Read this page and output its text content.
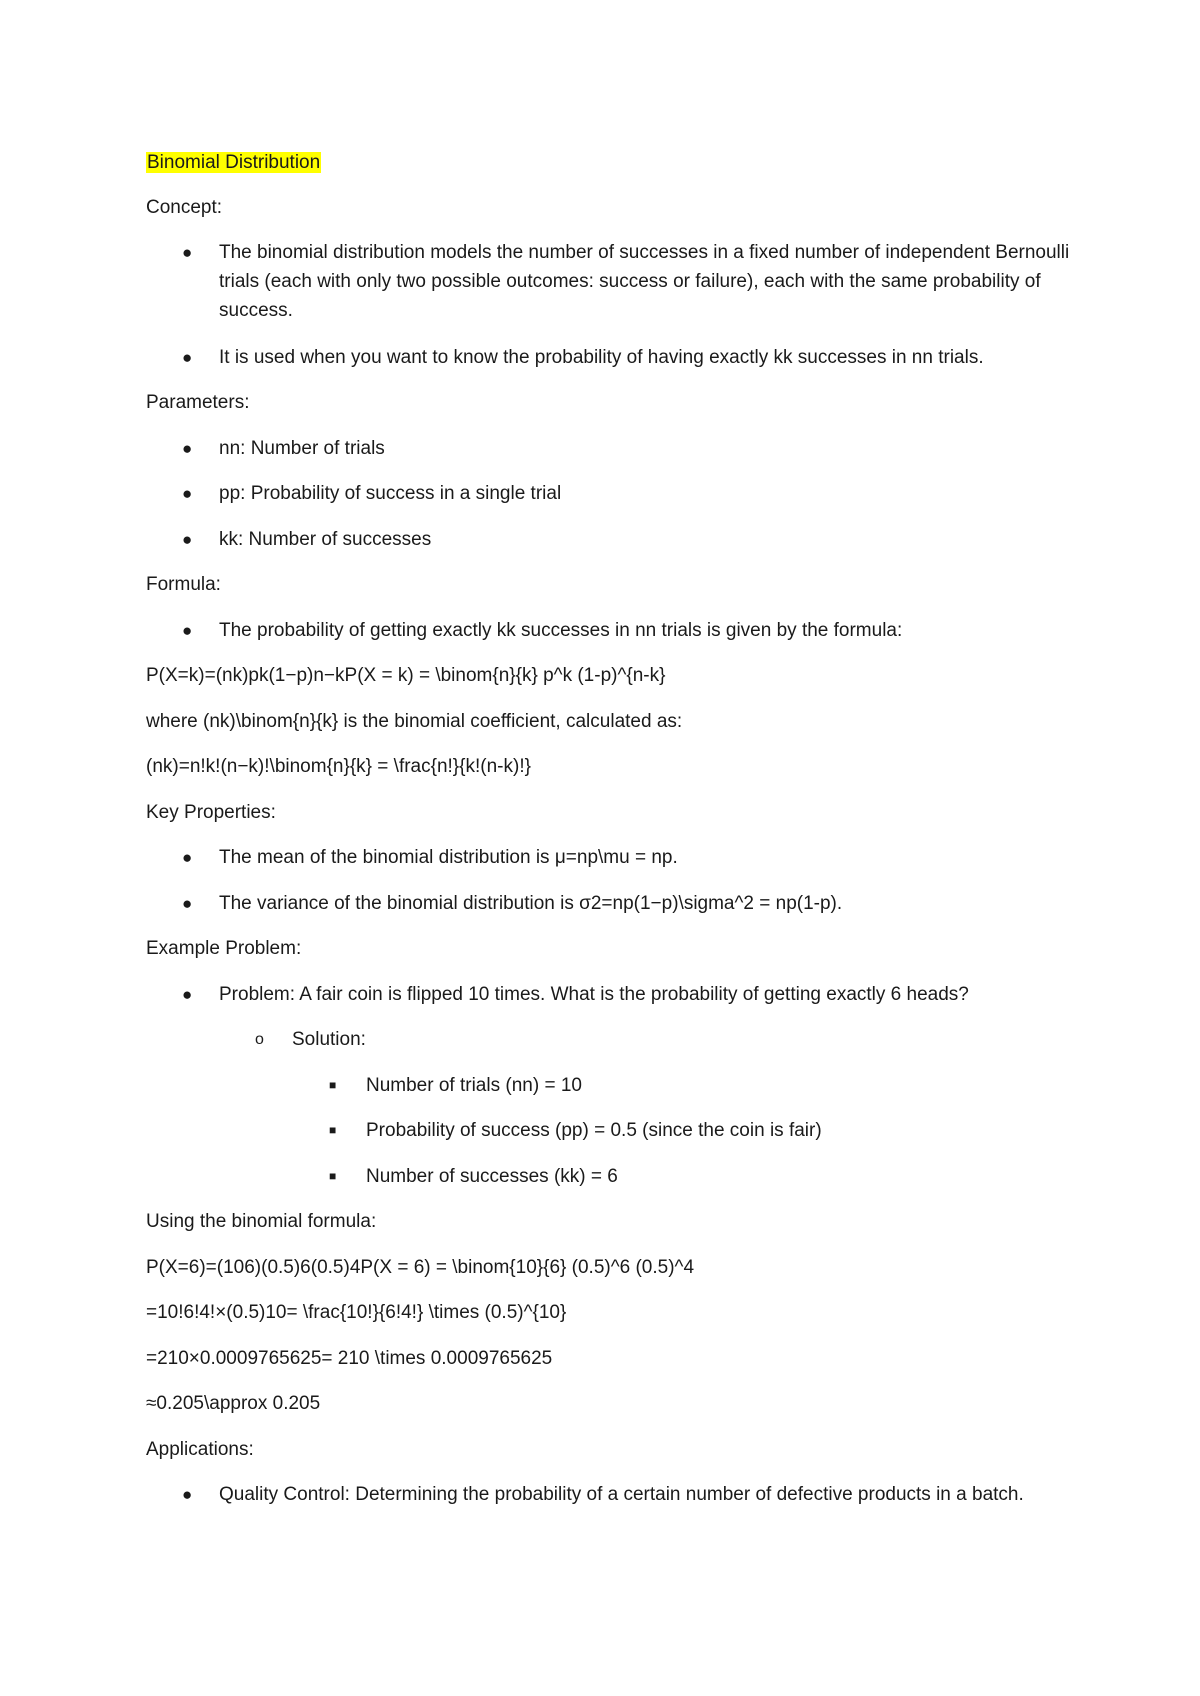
Binomial Distribution
Concept:
● The binomial distribution models the number of successes in a fixed number of independent Bernoulli trials (each with only two possible outcomes: success or failure), each with the same probability of success.
● It is used when you want to know the probability of having exactly kk successes in nn trials.
Parameters:
● nn: Number of trials
● pp: Probability of success in a single trial
● kk: Number of successes
Formula:
● The probability of getting exactly kk successes in nn trials is given by the formula:
P(X=k)=(nk)pk(1−p)n−kP(X = k) = \binom{n}{k} p^k (1-p)^{n-k}
where (nk)\binom{n}{k} is the binomial coefficient, calculated as:
(nk)=n!k!(n−k)!\binom{n}{k} = \frac{n!}{k!(n-k)!}
Key Properties:
● The mean of the binomial distribution is μ=np\mu = np.
● The variance of the binomial distribution is σ2=np(1−p)\sigma^2 = np(1-p).
Example Problem:
● Problem: A fair coin is flipped 10 times. What is the probability of getting exactly 6 heads?
o Solution:
■ Number of trials (nn) = 10
■ Probability of success (pp) = 0.5 (since the coin is fair)
■ Number of successes (kk) = 6
Using the binomial formula:
P(X=6)=(106)(0.5)6(0.5)4P(X = 6) = \binom{10}{6} (0.5)^6 (0.5)^4
=10!6!4!×(0.5)10= \frac{10!}{6!4!} \times (0.5)^{10}
=210×0.0009765625= 210 \times 0.0009765625
≈0.205\approx 0.205
Applications:
● Quality Control: Determining the probability of a certain number of defective products in a batch.
